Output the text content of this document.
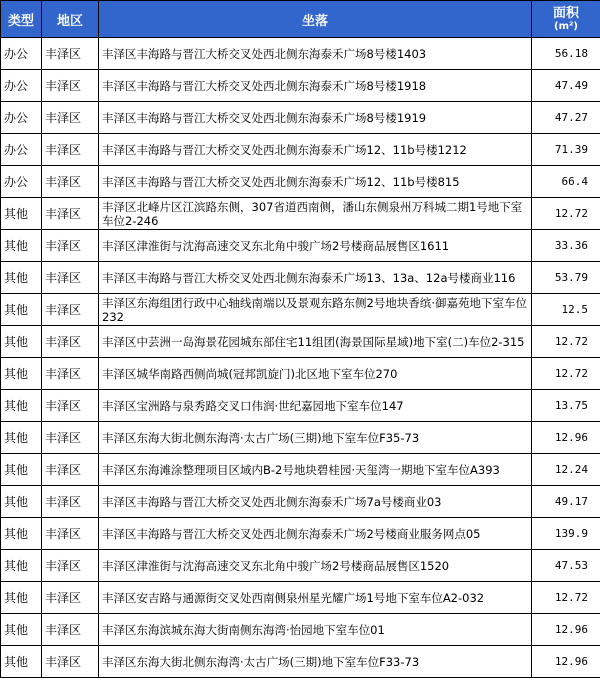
类型	地区	坐落	面积
(m²)

办公	丰泽区	丰泽区丰海路与晋江大桥交叉处西北侧东海泰禾广场8号楼1403	56.18
办公	丰泽区	丰泽区丰海路与晋江大桥交叉处西北侧东海泰禾广场8号楼1918	47.49
办公	丰泽区	丰泽区丰海路与晋江大桥交叉处西北侧东海泰禾广场8号楼1919	47.27
办公	丰泽区	丰泽区丰海路与晋江大桥交叉处西北侧东海泰禾广场12、11b号楼1212	71.39
办公	丰泽区	丰泽区丰海路与晋江大桥交叉处西北侧东海泰禾广场12、11b号楼815	66.4
其他	丰泽区	丰泽区北峰片区江滨路东侧，307省道西南侧，潘山东侧泉州万科城二期1号地下室车位2-246	12.72
其他	丰泽区	丰泽区津淮街与沈海高速交叉东北角中骏广场2号楼商品展售区1611	33.36
其他	丰泽区	丰泽区丰海路与晋江大桥交叉处西北侧东海泰禾广场13、13a、12a号楼商业116	53.79
其他	丰泽区	丰泽区东海组团行政中心轴线南端以及景观东路东侧2号地块香缤·御嘉苑地下室车位232	12.5
其他	丰泽区	丰泽区中芸洲一岛海景花园城东部住宅11组团(海景国际星域)地下室(二)车位2-315	12.72
其他	丰泽区	丰泽区城华南路西侧尚城(冠邦凯旋门)北区地下室车位270	12.72
其他	丰泽区	丰泽区宝洲路与泉秀路交叉口伟润·世纪嘉园地下室车位147	13.75
其他	丰泽区	丰泽区东海大街北侧东海湾·太古广场(三期)地下室车位F35-73	12.96
其他	丰泽区	丰泽区东海滩涂整理项目区域内B-2号地块碧桂园·天玺湾一期地下室车位A393	12.24
其他	丰泽区	丰泽区丰海路与晋江大桥交叉处西北侧东海泰禾广场7a号楼商业03	49.17
其他	丰泽区	丰泽区丰海路与晋江大桥交叉处西北侧东海泰禾广场2号楼商业服务网点05	139.9
其他	丰泽区	丰泽区津淮街与沈海高速交叉东北角中骏广场2号楼商品展售区1520	47.53
其他	丰泽区	丰泽区安吉路与通源街交叉处西南侧泉州星光耀广场1号地下室车位A2-032	12.72
其他	丰泽区	丰泽区东海滨城东海大街南侧东海湾·怡园地下室车位01	12.96
其他	丰泽区	丰泽区东海大街北侧东海湾·太古广场(三期)地下室车位F33-73	12.96
